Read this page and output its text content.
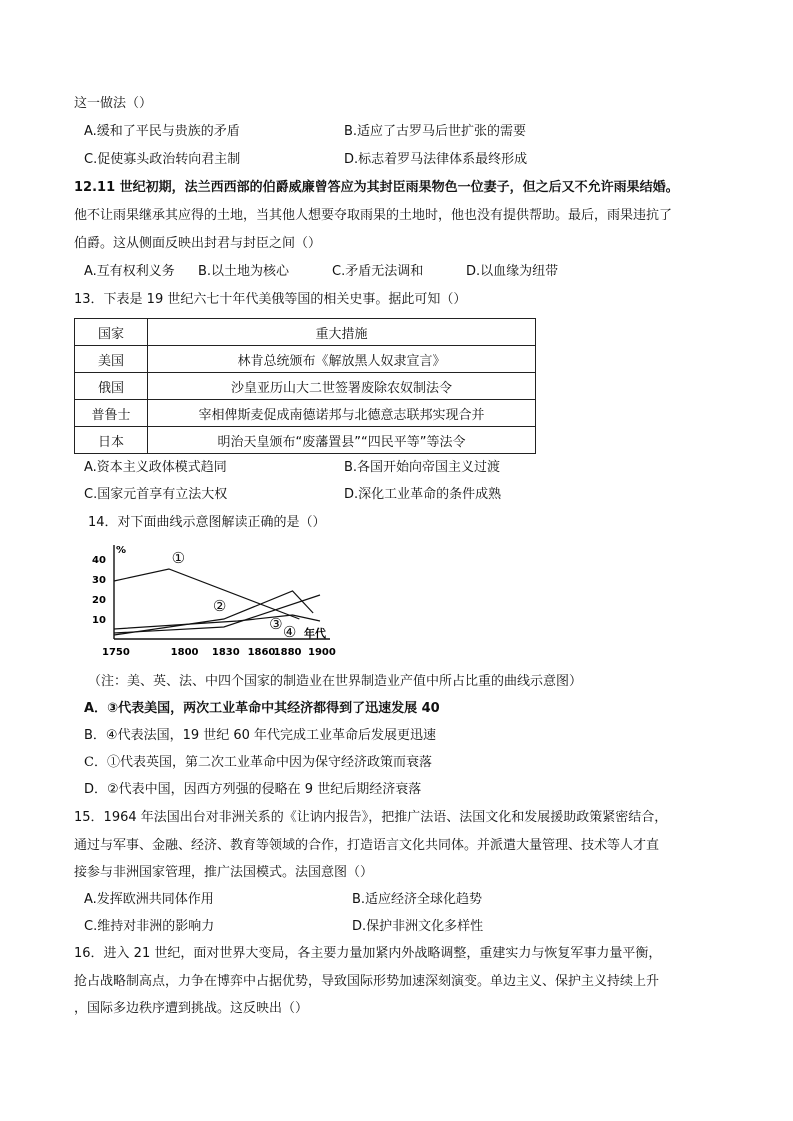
这一做法（）
A.缓和了平民与贵族的矛盾	B.适应了古罗马后世扩张的需要
C.促使寡头政治转向君主制	D.标志着罗马法律体系最终形成
12.11 世纪初期，法兰西西部的伯爵威廉曾答应为其封臣雨果物色一位妻子，但之后又不允许雨果结婚。
他不让雨果继承其应得的土地，当其他人想要夺取雨果的土地时，他也没有提供帮助。最后，雨果违抗了
伯爵。这从侧面反映出封君与封臣之间（）
A.互有权利义务 B.以土地为核心	C.矛盾无法调和	D.以血缘为纽带
13．下表是 19 世纪六七十年代美俄等国的相关史事。据此可知（）
国家	重大措施
美国	林肯总统颁布《解放黑人奴隶宣言》
俄国	沙皇亚历山大二世签署废除农奴制法令
普鲁士	宰相俾斯麦促成南德诺邦与北德意志联邦实现合并
日本	明治天皇颁布“废藩置县”“四民平等”等法令
A.资本主义政体模式趋同	B.各国开始向帝国主义过渡
C.国家元首享有立法大权	D.深化工业革命的条件成熟
14．对下面曲线示意图解读正确的是（）
%
年代
40
30
20
10
1750	1800 1830 1860
1880 1900
①
②
③ ④
（注：美、英、法、中四个国家的制造业在世界制造业产值中所占比重的曲线示意图）
A．③代表美国，两次工业革命中其经济都得到了迅速发展 40
B．④代表法国，19 世纪 60 年代完成工业革命后发展更迅速
C．①代表英国，第二次工业革命中因为保守经济政策而衰落
D．②代表中国，因西方列强的侵略在 9 世纪后期经济衰落
15．1964 年法国出台对非洲关系的《让讷内报告》，把推广法语、法国文化和发展援助政策紧密结合，
通过与军事、金融、经济、教育等领域的合作，打造语言文化共同体。并派遣大量管理、技术等人才直
接参与非洲国家管理，推广法国模式。法国意图（）
A.发挥欧洲共同体作用	B.适应经济全球化趋势
C.维持对非洲的影响力	D.保护非洲文化多样性
16．进入 21 世纪，面对世界大变局，各主要力量加紧内外战略调整，重建实力与恢复军事力量平衡，
抢占战略制高点，力争在博弈中占据优势，导致国际形势加速深刻演变。单边主义、保护主义持续上升
，国际多边秩序遭到挑战。这反映出（）
